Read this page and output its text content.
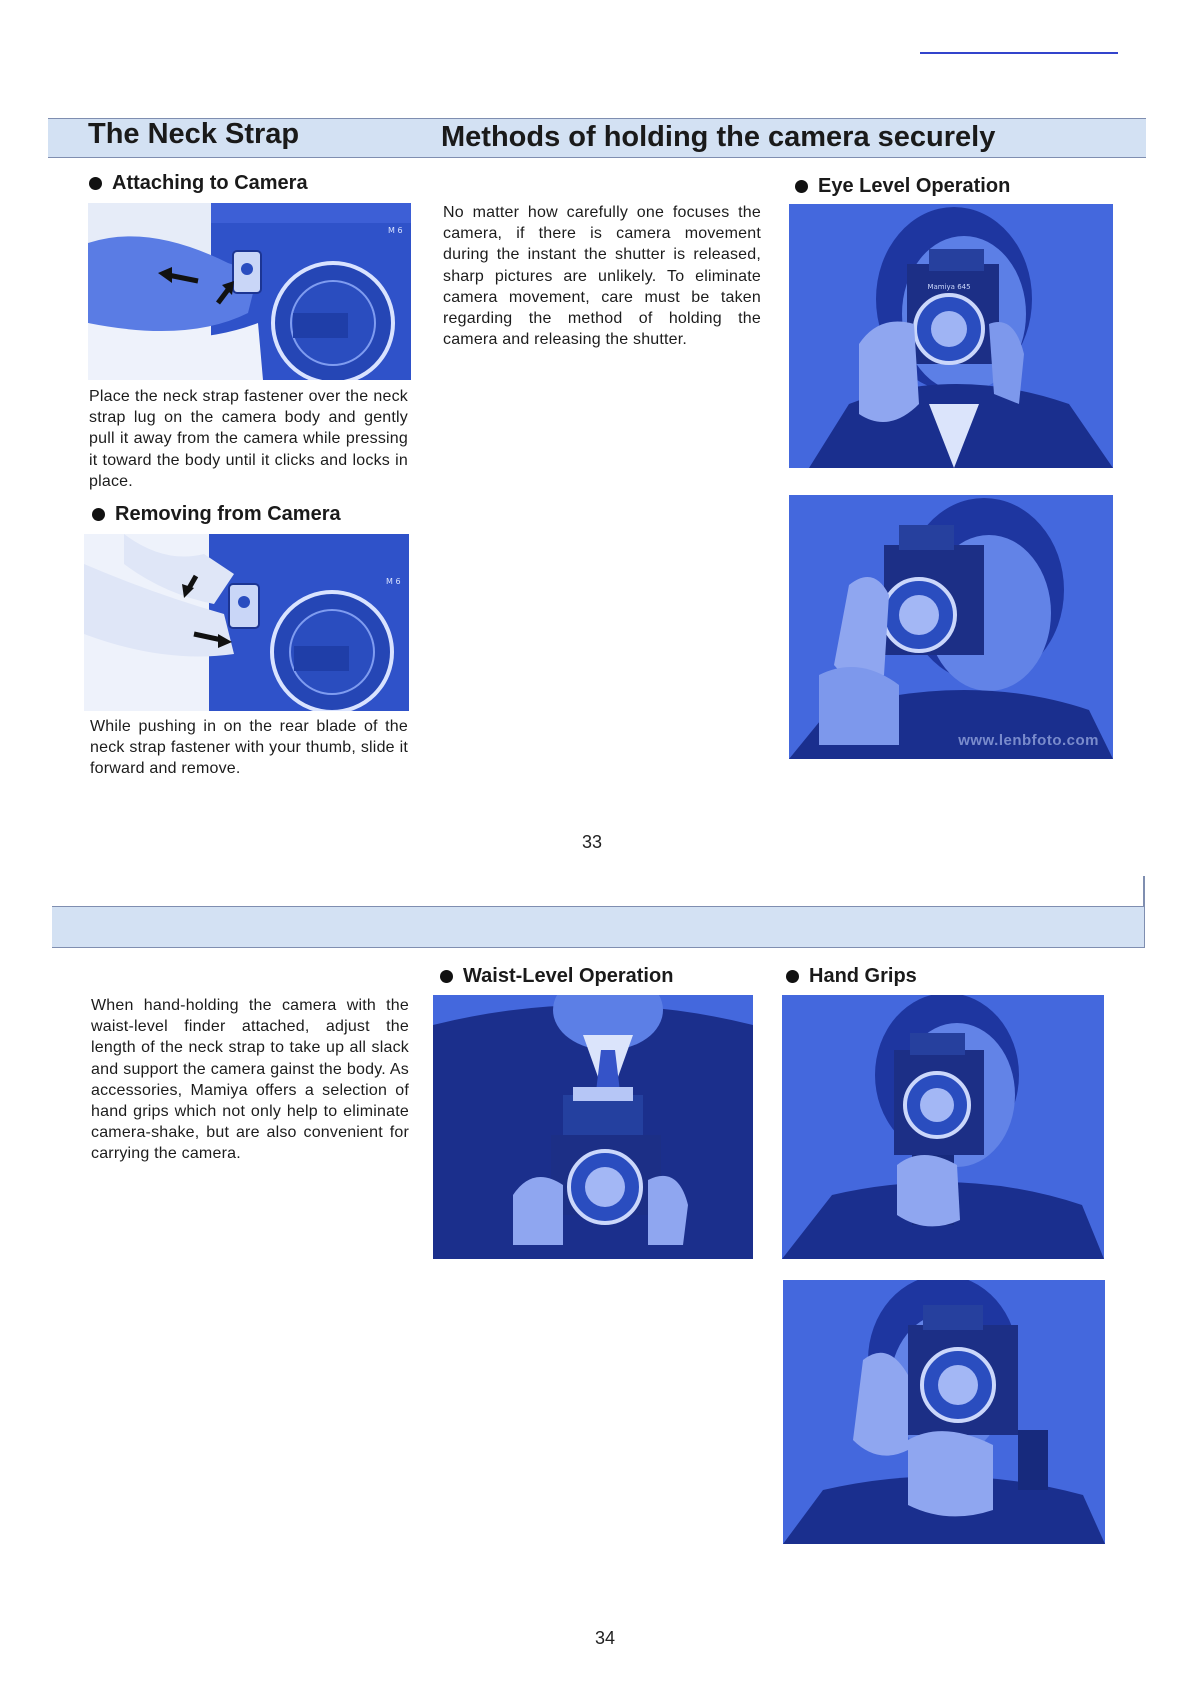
The Neck Strap	Methods of holding the camera securely
Attaching to Camera
M 6
Place the neck strap fastener over the neck strap lug on the camera body and gently pull it away from the camera while pressing it toward the body until it clicks and locks in place.
Removing from Camera
M 6
While pushing in on the rear blade of the neck strap fastener with your thumb, slide it forward and remove.
No matter how carefully one focuses the camera, if there is camera movement during the instant the shutter is released, sharp pictures are unlikely. To eliminate camera movement, care must be taken regarding the method of holding the camera and releasing the shutter.
Eye Level Operation
Mamiya 645
www.lenbfoto.com
33
When hand-holding the camera with the waist-level finder attached, adjust the length of the neck strap to take up all slack and support the camera gainst the body. As accessories, Mamiya offers a selection of hand grips which not only help to eliminate camera-shake, but are also convenient for carrying the camera.
Waist-Level Operation	Hand Grips
34
